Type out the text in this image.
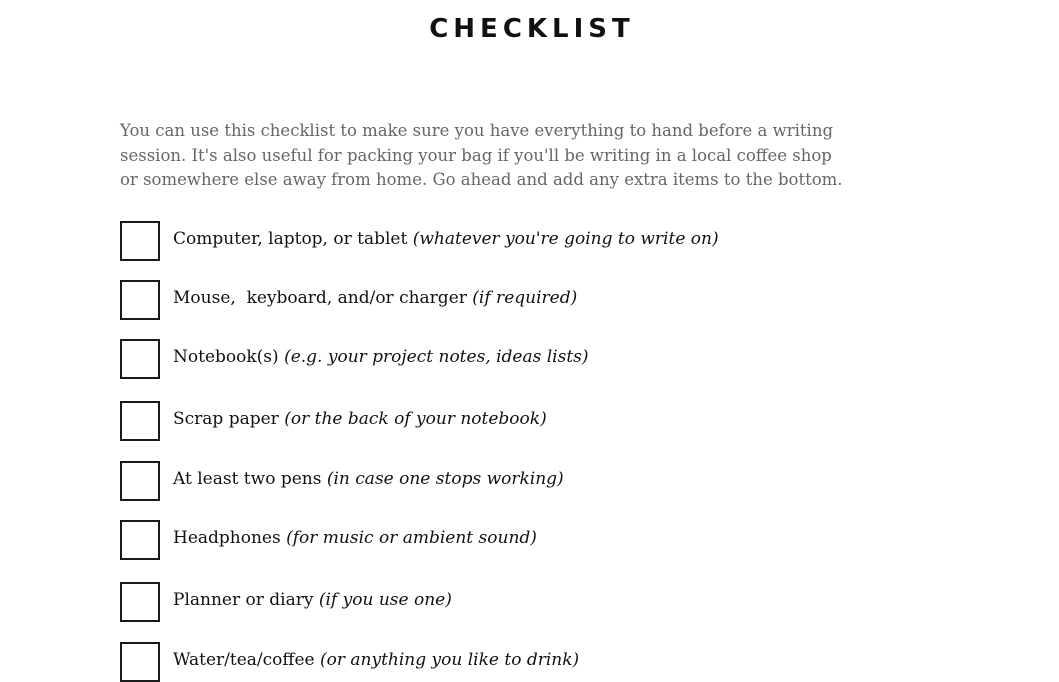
CHECKLIST
You can use this checklist to make sure you have everything to hand before a writing
session. It's also useful for packing your bag if you'll be writing in a local coffee shop
or somewhere else away from home. Go ahead and add any extra items to the bottom.
Computer, laptop, or tablet (whatever you're going to write on)
Mouse,  keyboard, and/or charger (if required)
Notebook(s) (e.g. your project notes, ideas lists)
Scrap paper (or the back of your notebook)
At least two pens (in case one stops working)
Headphones (for music or ambient sound)
Planner or diary (if you use one)
Water/tea/coffee (or anything you like to drink)
